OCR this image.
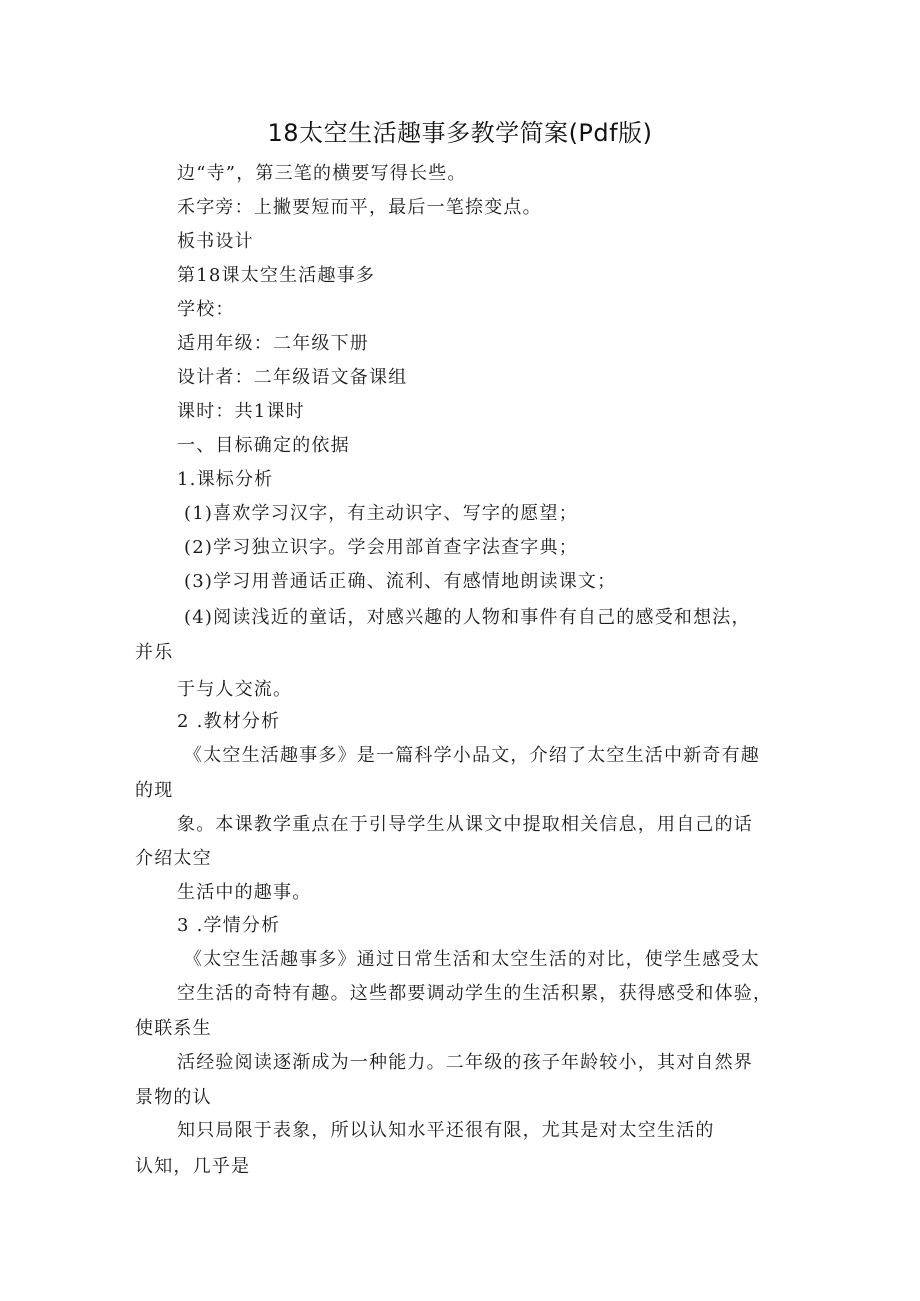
18太空生活趣事多教学简案(Pdf版)
边“寺”，第三笔的横要写得长些。
禾字旁：上撇要短而平，最后一笔捺变点。
板书设计
第18课太空生活趣事多
学校：
适用年级：二年级下册
设计者：二年级语文备课组
课时：共1课时
一、目标确定的依据
1.课标分析
(1)喜欢学习汉字，有主动识字、写字的愿望；
(2)学习独立识字。学会用部首查字法查字典；
(3)学习用普通话正确、流利、有感情地朗读课文；
(4)阅读浅近的童话，对感兴趣的人物和事件有自己的感受和想法，
并乐
于与人交流。
2 .教材分析
《太空生活趣事多》是一篇科学小品文，介绍了太空生活中新奇有趣
的现
象。本课教学重点在于引导学生从课文中提取相关信息，用自己的话
介绍太空
生活中的趣事。
3 .学情分析
《太空生活趣事多》通过日常生活和太空生活的对比，使学生感受太
空生活的奇特有趣。这些都要调动学生的生活积累，获得感受和体验，
使联系生
活经验阅读逐渐成为一种能力。二年级的孩子年龄较小，其对自然界
景物的认
知只局限于表象，所以认知水平还很有限，尤其是对太空生活的
认知，几乎是
